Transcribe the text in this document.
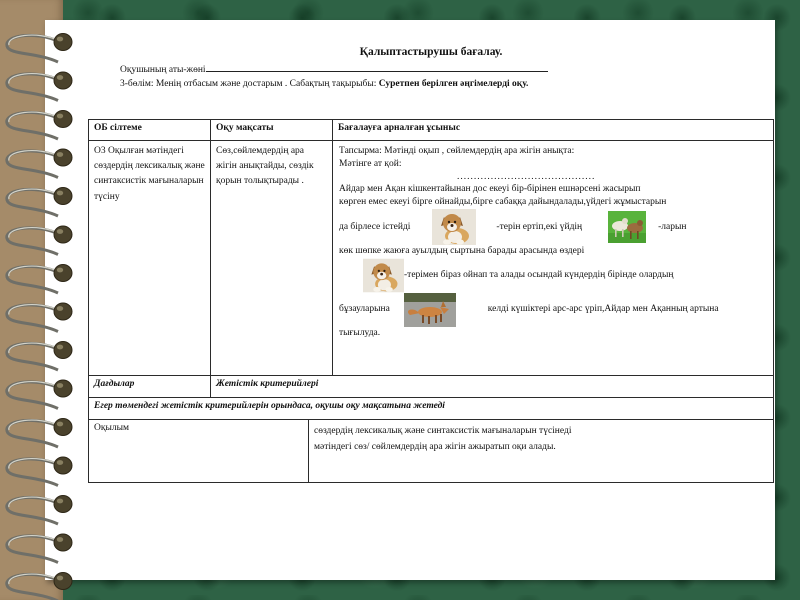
Қалыптастырушы бағалау.
Оқушының аты-жөні
3-бөлім: Менің отбасым және достарым . Сабақтың тақырыбы: Суретпен берілген әңгімелерді оқу.
ОБ сілтеме	Оқу мақсаты	Бағалауға арналған ұсыныс
О3 Оқылған мәтіндегі сөздердің лексикалық және синтаксистік мағыналарын түсіну	Сөз,сөйлемдердің ара жігін анықтайды, сөздік қорын толықтырады .	

Тапсырма: Мәтінді оқып , сөйлемдердің ара жігін анықта:

Мәтінге ат қой:

.........................................

Айдар мен Ақан кішкентайынан дос екеуі бір-бірінен ешнәрсені жасырып

көрген емес екеуі бірге ойнайды,бірге сабаққа дайындалады,үйдегі жұмыстарын

да бірлесе істейді	-терін ертіп,екі үйдің	-ларын

көк шөпке жаюға ауылдың сыртына барады арасында өздері

-терімен біраз ойнап та алады осындай күндердің бірінде олардың

бұзауларына	келді күшіктері арс-арс үріп,Айдар мен Ақанның артына

тығылуда.

Дағдылар	Жетістік критерийлері
Егер төмендегі жетістік критерийлерін орындаса, оқушы оқу мақсатына жетеді
Оқылым	сөздердің лексикалық және синтаксистік мағыналарын түсінеді
мәтіндегі сөз/ сөйлемдердің ара жігін ажыратып оқи алады.
